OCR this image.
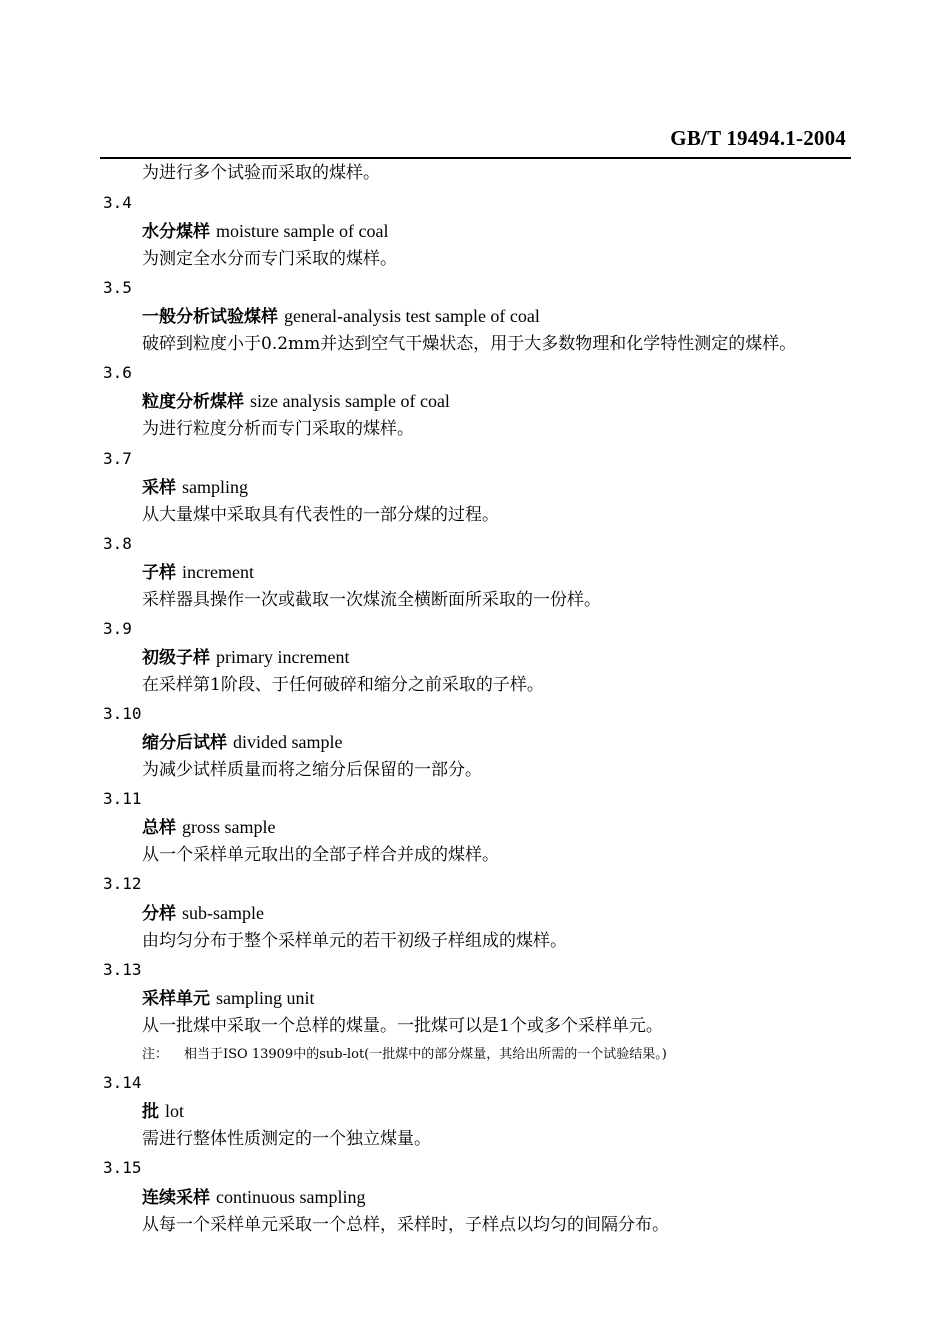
GB/T 19494.1-2004
为进行多个试验而采取的煤样。
3.4
水分煤样 moisture sample of coal
为测定全水分而专门采取的煤样。
3.5
一般分析试验煤样 general-analysis test sample of coal
破碎到粒度小于0.2mm并达到空气干燥状态，用于大多数物理和化学特性测定的煤样。
3.6
粒度分析煤样 size analysis sample of coal
为进行粒度分析而专门采取的煤样。
3.7
采样 sampling
从大量煤中采取具有代表性的一部分煤的过程。
3.8
子样 increment
采样器具操作一次或截取一次煤流全横断面所采取的一份样。
3.9
初级子样 primary increment
在采样第1阶段、于任何破碎和缩分之前采取的子样。
3.10
缩分后试样 divided sample
为减少试样质量而将之缩分后保留的一部分。
3.11
总样 gross sample
从一个采样单元取出的全部子样合并成的煤样。
3.12
分样 sub-sample
由均匀分布于整个采样单元的若干初级子样组成的煤样。
3.13
采样单元 sampling unit
从一批煤中采取一个总样的煤量。一批煤可以是1个或多个采样单元。
注： 相当于ISO 13909中的sub-lot(一批煤中的部分煤量，其给出所需的一个试验结果。)
3.14
批 lot
需进行整体性质测定的一个独立煤量。
3.15
连续采样 continuous sampling
从每一个采样单元采取一个总样，采样时，子样点以均匀的间隔分布。
